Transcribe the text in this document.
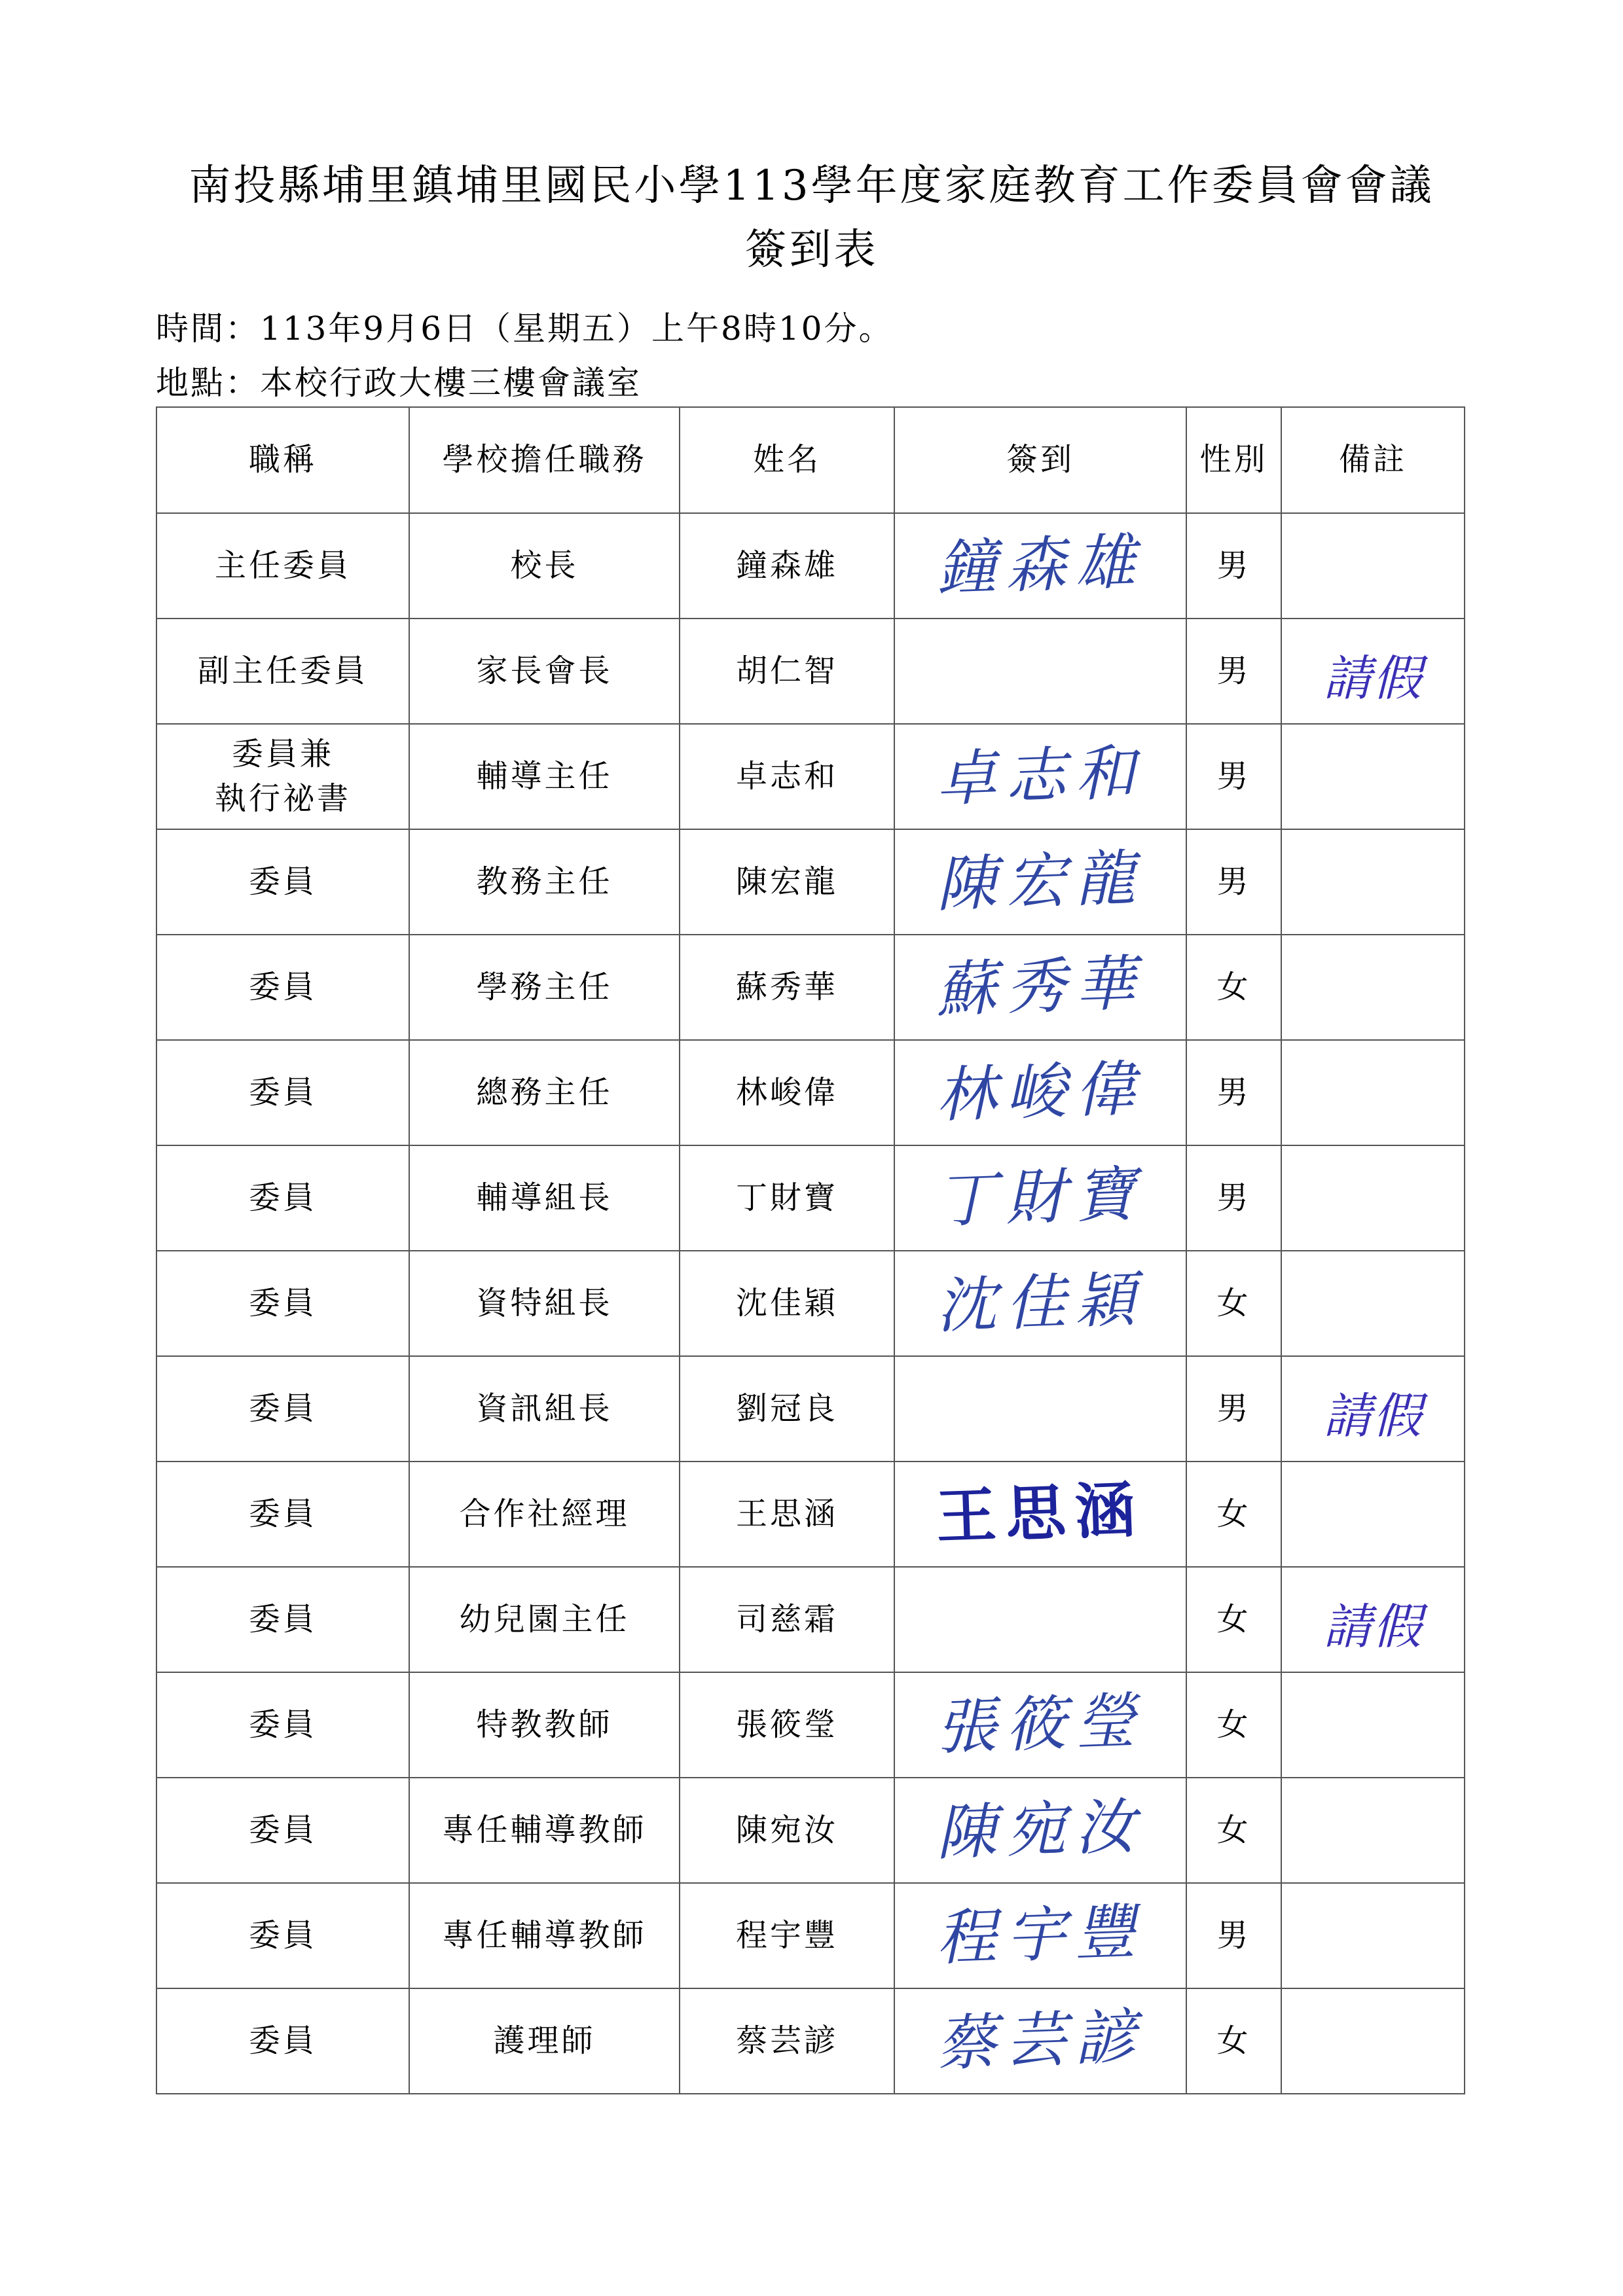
南投縣埔里鎮埔里國民小學113學年度家庭教育工作委員會會議
簽到表
時間：113年9月6日（星期五）上午8時10分。
地點：本校行政大樓三樓會議室
職稱	學校擔任職務	姓名	簽到	性別	備註
主任委員	校長	鐘森雄	鐘森雄	男	
副主任委員	家長會長	胡仁智		男	請假

委員兼
執行祕書	輔導主任	卓志和	卓志和	男	
委員	教務主任	陳宏龍	陳宏龍	男	
委員	學務主任	蘇秀華	蘇秀華	女	
委員	總務主任	林峻偉	林峻偉	男	
委員	輔導組長	丁財寶	丁財寶	男	
委員	資特組長	沈佳穎	沈佳穎	女	
委員	資訊組長	劉冠良		男	請假
委員	合作社經理	王思涵	王思涵	女	
委員	幼兒園主任	司慈霜		女	請假
委員	特教教師	張筱瑩	張筱瑩	女	
委員	專任輔導教師	陳宛汝	陳宛汝	女	
委員	專任輔導教師	程宇豐	程宇豐	男	
委員	護理師	蔡芸諺	蔡芸諺	女	
